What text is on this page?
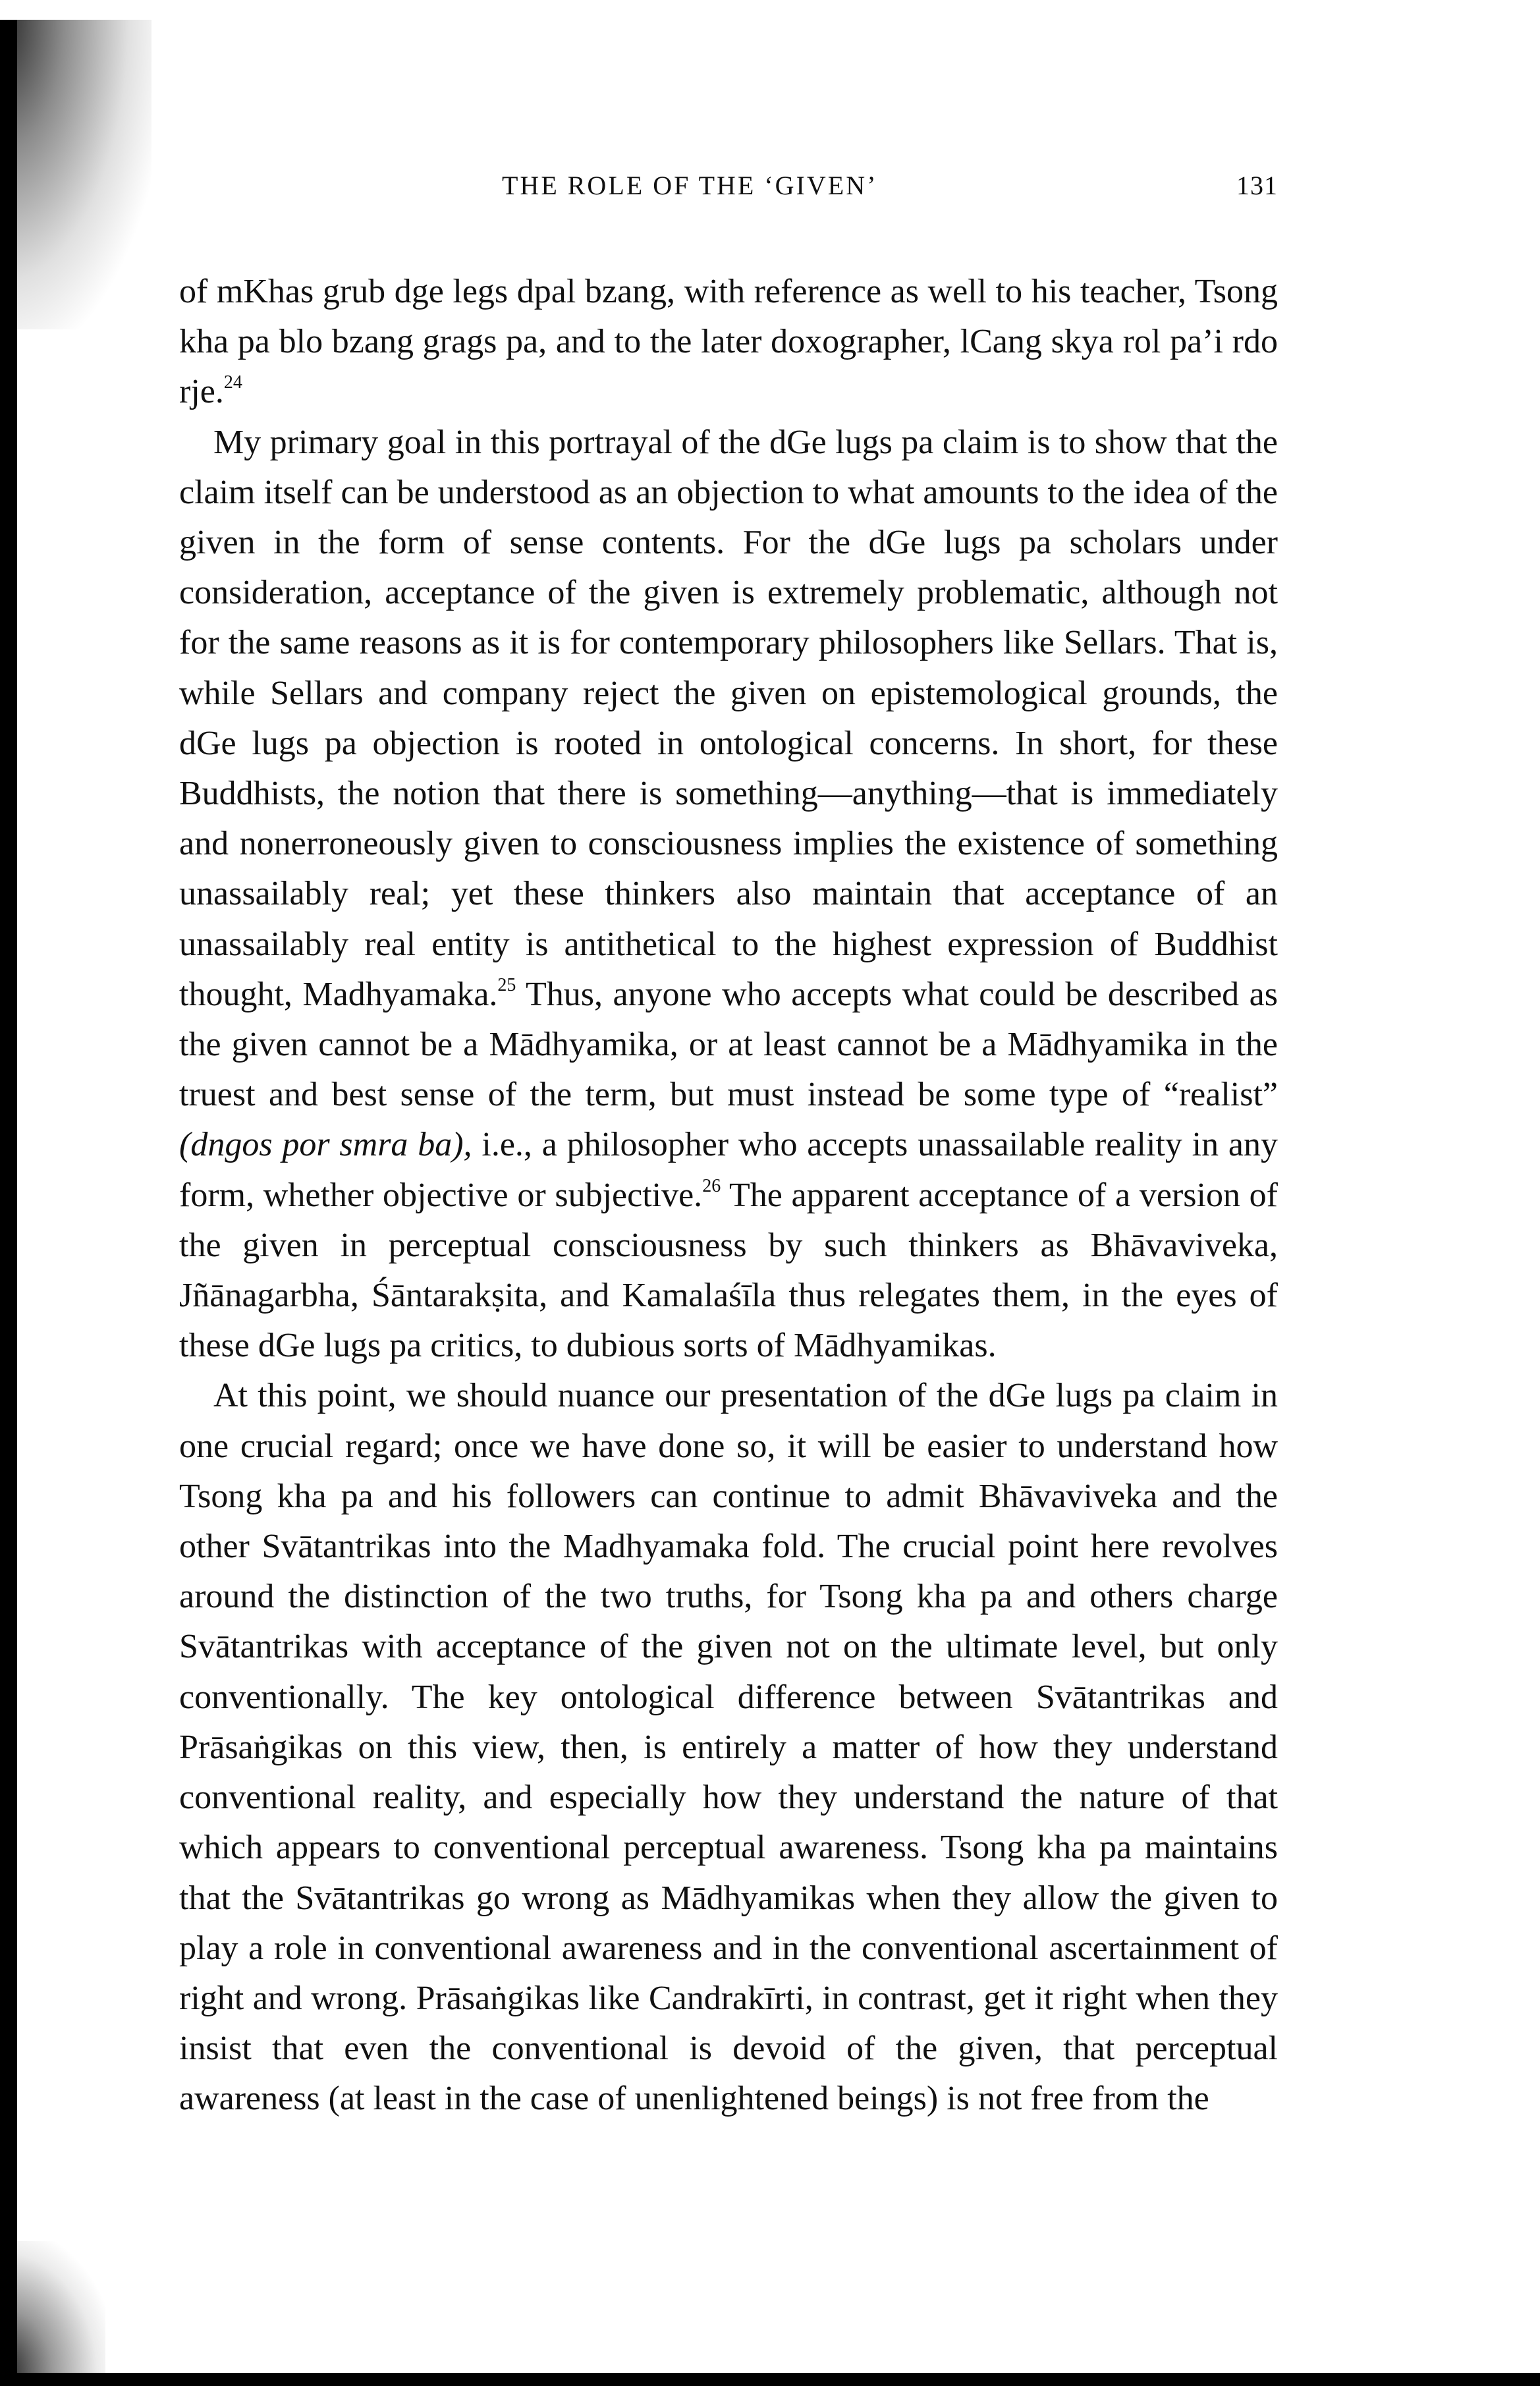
THE ROLE OF THE ‘GIVEN’	131

of mKhas grub dge legs dpal bzang, with reference as well to his teacher, Tsong kha pa blo bzang grags pa, and to the later doxographer, lCang skya rol pa’i rdo rje.$^{24}$

My primary goal in this portrayal of the dGe lugs pa claim is to show that the claim itself can be understood as an objection to what amounts to the idea of the given in the form of sense contents. For the dGe lugs pa scholars under consideration, acceptance of the given is extremely problematic, although not for the same reasons as it is for contemporary philosophers like Sellars. That is, while Sellars and company reject the given on epistemological grounds, the dGe lugs pa objection is rooted in ontological concerns. In short, for these Buddhists, the notion that there is something—anything—that is immediately and nonerroneously given to consciousness implies the existence of something unassailably real; yet these thinkers also maintain that acceptance of an unassailably real entity is antithetical to the highest expression of Buddhist thought, Madhyamaka.$^{25}$ Thus, anyone who accepts what could be described as the given cannot be a Mādhyamika, or at least cannot be a Mādhyamika in the truest and best sense of the term, but must instead be some type of “realist” (dngos por smra ba), i.e., a philosopher who accepts unassailable reality in any form, whether objective or subjective.$^{26}$ The apparent acceptance of a version of the given in perceptual consciousness by such thinkers as Bhāvaviveka, Jñānagarbha, Śāntarakṣita, and Kamalaśīla thus relegates them, in the eyes of these dGe lugs pa critics, to dubious sorts of Mādhyamikas.

At this point, we should nuance our presentation of the dGe lugs pa claim in one crucial regard; once we have done so, it will be easier to understand how Tsong kha pa and his followers can continue to admit Bhāvaviveka and the other Svātantrikas into the Madhyamaka fold. The crucial point here revolves around the distinction of the two truths, for Tsong kha pa and others charge Svātantrikas with acceptance of the given not on the ultimate level, but only conventionally. The key ontological difference between Svātantrikas and Prāsaṅgikas on this view, then, is entirely a matter of how they understand conventional reality, and especially how they understand the nature of that which appears to conventional perceptual awareness. Tsong kha pa maintains that the Svātantrikas go wrong as Mādhyamikas when they allow the given to play a role in conventional awareness and in the conventional ascertainment of right and wrong. Prāsaṅgikas like Candrakīrti, in contrast, get it right when they insist that even the conventional is devoid of the given, that perceptual awareness (at least in the case of unenlightened beings) is not free from the
